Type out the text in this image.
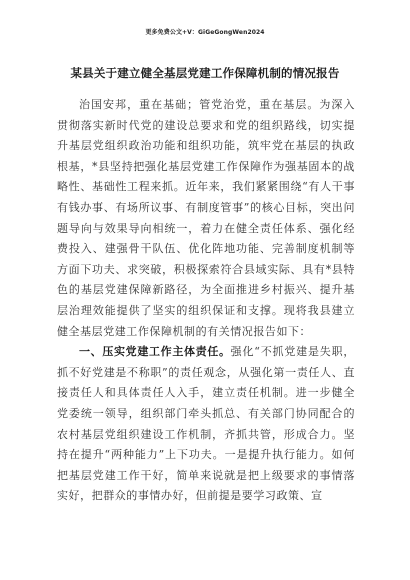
更多免费公文+V：GiGeGongWen2024
某县关于建立健全基层党建工作保障机制的情况报告

治国安邦，重在基础；管党治党，重在基层。为深入贯彻落实新时代党的建设总要求和党的组织路线，切实提升基层党组织政治功能和组织功能，筑牢党在基层的执政根基，*县坚持把强化基层党建工作保障作为强基固本的战略性、基础性工程来抓。近年来，我们紧紧围绕“有人干事有钱办事、有场所议事、有制度管事”的核心目标，突出问题导向与效果导向相统一，着力在健全责任体系、强化经费投入、建强骨干队伍、优化阵地功能、完善制度机制等方面下功夫、求突破，积极探索符合县域实际、具有*县特色的基层党建保障新路径，为全面推进乡村振兴、提升基层治理效能提供了坚实的组织保证和支撑。现将我县建立健全基层党建工作保障机制的有关情况报告如下：

一、压实党建工作主体责任。强化“不抓党建是失职，抓不好党建是不称职”的责任观念，从强化第一责任人、直接责任人和具体责任人入手，建立责任机制。进一步健全党委统一领导，组织部门牵头抓总、有关部门协同配合的农村基层党组织建设工作机制，齐抓共管，形成合力。坚持在提升“两种能力”上下功夫。一是提升执行能力。如何把基层党建工作干好，简单来说就是把上级要求的事情落实好，把群众的事情办好，但前提是要学习政策、宣
